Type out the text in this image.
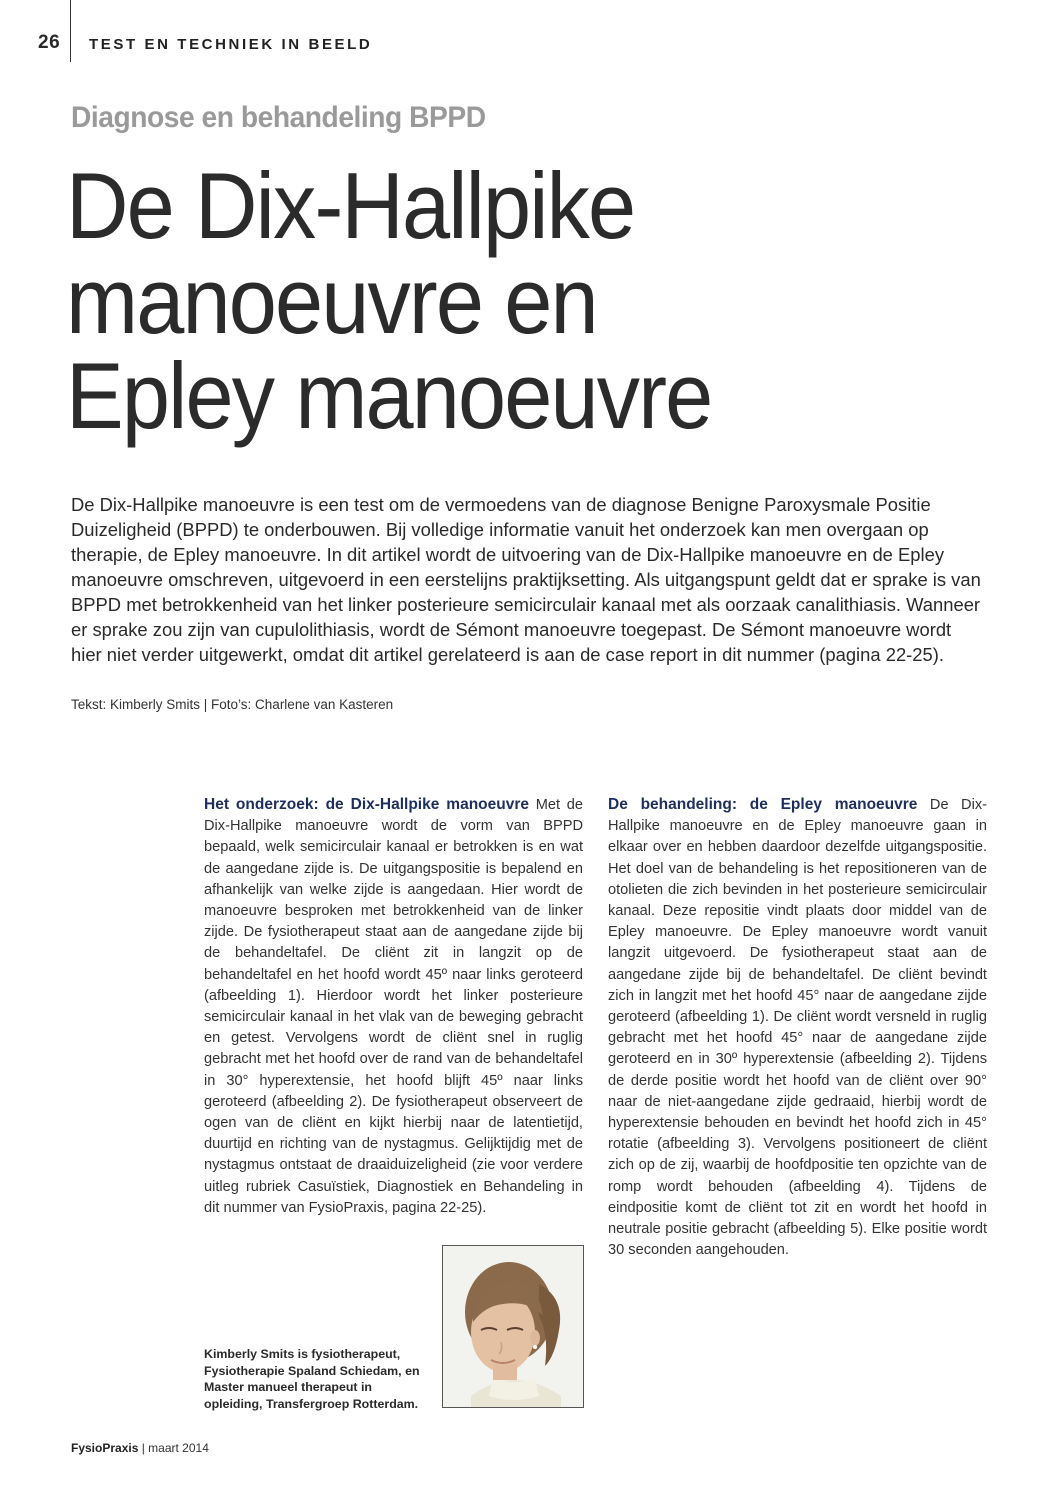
26 TEST EN TECHNIEK IN BEELD
Diagnose en behandeling BPPD
De Dix-Hallpike
manoeuvre en
Epley manoeuvre

De Dix-Hallpike manoeuvre is een test om de vermoedens van de diagnose Benigne Paroxysmale Positie Duizeligheid (BPPD) te onderbouwen. Bij volledige informatie vanuit het onderzoek kan men overgaan op therapie, de Epley manoeuvre. In dit artikel wordt de uitvoering van de Dix-Hallpike manoeuvre en de Epley manoeuvre omschreven, uitgevoerd in een eerstelijns praktijksetting. Als uitgangspunt geldt dat er sprake is van BPPD met betrokkenheid van het linker posterieure semicirculair kanaal met als oorzaak canalithiasis. Wanneer er sprake zou zijn van cupulolithiasis, wordt de Sémont manoeuvre toegepast. De Sémont manoeuvre wordt hier niet verder uitgewerkt, omdat dit artikel gerelateerd is aan de case report in dit nummer (pagina 22-25).

Tekst: Kimberly Smits | Foto’s: Charlene van Kasteren

Het onderzoek: de Dix-Hallpike manoeuvre Met de Dix-Hallpike manoeuvre wordt de vorm van BPPD bepaald, welk semicirculair kanaal er betrokken is en wat de aangedane zijde is. De uitgangspositie is bepalend en afhankelijk van welke zijde is aangedaan. Hier wordt de manoeuvre besproken met betrokkenheid van de linker zijde. De fysiotherapeut staat aan de aangedane zijde bij de behandeltafel. De cliënt zit in langzit op de behandeltafel en het hoofd wordt 45º naar links geroteerd (afbeelding 1). Hierdoor wordt het linker posterieure semicirculair kanaal in het vlak van de beweging gebracht en getest. Vervolgens wordt de cliënt snel in ruglig gebracht met het hoofd over de rand van de behandeltafel in 30° hyperextensie, het hoofd blijft 45º naar links geroteerd (afbeelding 2). De fysiotherapeut observeert de ogen van de cliënt en kijkt hierbij naar de latentietijd, duurtijd en richting van de nystagmus. Gelijktijdig met de nystagmus ontstaat de draaiduizeligheid (zie voor verdere uitleg rubriek Casuïstiek, Diagnostiek en Behandeling in dit nummer van FysioPraxis, pagina 22-25).

De behandeling: de Epley manoeuvre De Dix-Hallpike manoeuvre en de Epley manoeuvre gaan in elkaar over en hebben daardoor dezelfde uitgangspositie. Het doel van de behandeling is het repositioneren van de otolieten die zich bevinden in het posterieure semicirculair kanaal. Deze repositie vindt plaats door middel van de Epley manoeuvre. De Epley manoeuvre wordt vanuit langzit uitgevoerd. De fysiotherapeut staat aan de aangedane zijde bij de behandeltafel. De cliënt bevindt zich in langzit met het hoofd 45° naar de aangedane zijde geroteerd (afbeelding 1). De cliënt wordt versneld in ruglig gebracht met het hoofd 45° naar de aangedane zijde geroteerd en in 30º hyperextensie (afbeelding 2). Tijdens de derde positie wordt het hoofd van de cliënt over 90° naar de niet-aangedane zijde gedraaid, hierbij wordt de hyperextensie behouden en bevindt het hoofd zich in 45° rotatie (afbeelding 3). Vervolgens positioneert de cliënt zich op de zij, waarbij de hoofdpositie ten opzichte van de romp wordt behouden (afbeelding 4). Tijdens de eindpositie komt de cliënt tot zit en wordt het hoofd in neutrale positie gebracht (afbeelding 5). Elke positie wordt 30 seconden aangehouden.

Kimberly Smits is fysiotherapeut, Fysiotherapie Spaland Schiedam, en Master manueel therapeut in opleiding, Transfergroep Rotterdam.

FysioPraxis | maart 2014
